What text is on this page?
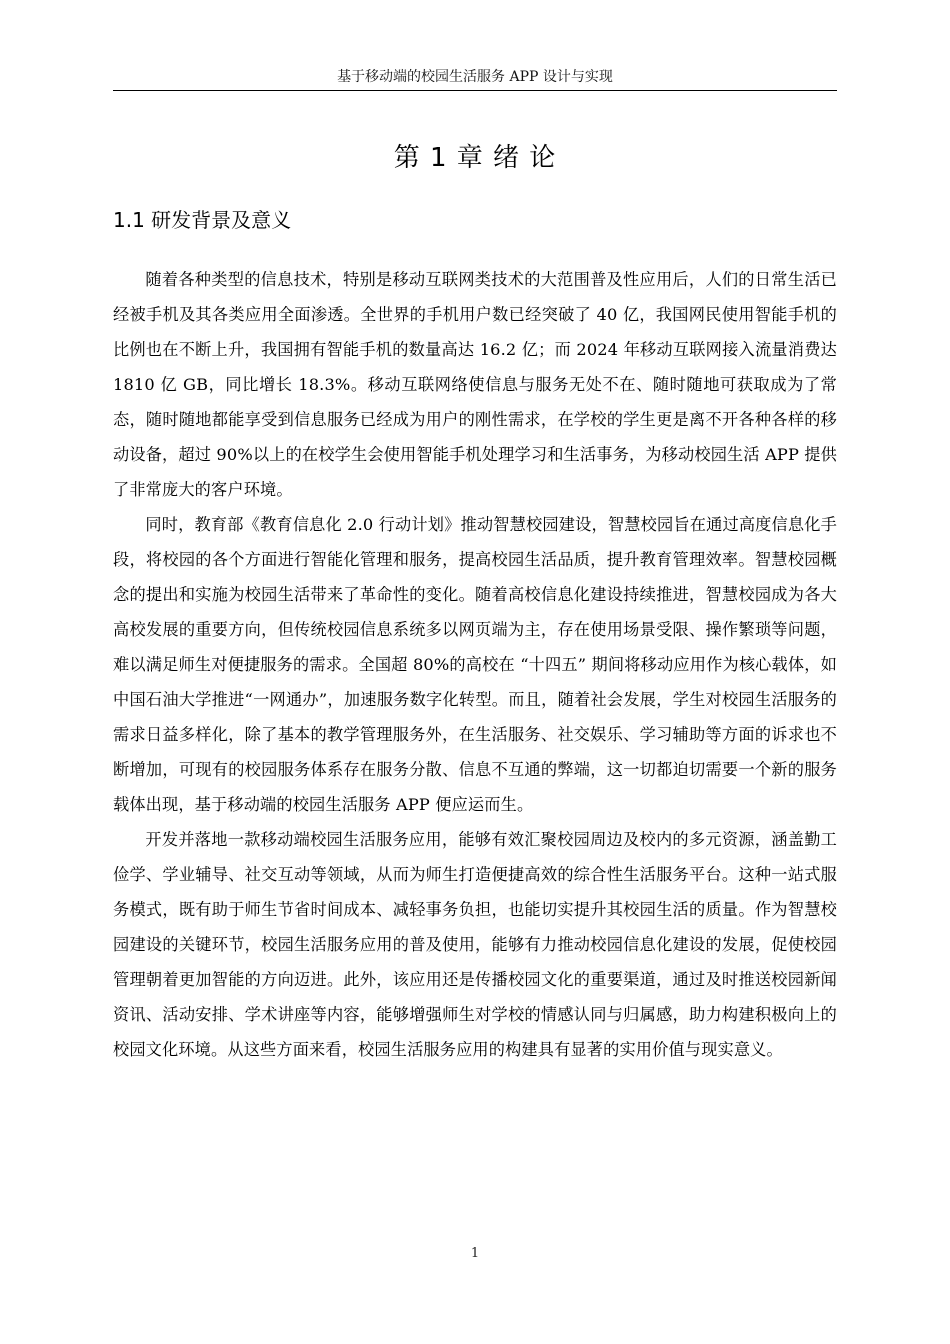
基于移动端的校园生活服务 APP 设计与实现
第 1 章 绪 论
1.1 研发背景及意义

随着各种类型的信息技术，特别是移动互联网类技术的大范围普及性应用后，人们的日常生活已经被手机及其各类应用全面渗透。全世界的手机用户数已经突破了 40 亿，我国网民使用智能手机的比例也在不断上升，我国拥有智能手机的数量高达 16.2 亿；而 2024 年移动互联网接入流量消费达 1810 亿 GB，同比增长 18.3%。移动互联网络使信息与服务无处不在、随时随地可获取成为了常态，随时随地都能享受到信息服务已经成为用户的刚性需求，在学校的学生更是离不开各种各样的移动设备，超过 90%以上的在校学生会使用智能手机处理学习和生活事务，为移动校园生活 APP 提供了非常庞大的客户环境。

同时，教育部《教育信息化 2.0 行动计划》推动智慧校园建设，智慧校园旨在通过高度信息化手段，将校园的各个方面进行智能化管理和服务，提高校园生活品质，提升教育管理效率。智慧校园概念的提出和实施为校园生活带来了革命性的变化。随着高校信息化建设持续推进，智慧校园成为各大高校发展的重要方向，但传统校园信息系统多以网页端为主，存在使用场景受限、操作繁琐等问题，难以满足师生对便捷服务的需求。全国超 80%的高校在 “十四五” 期间将移动应用作为核心载体，如中国石油大学推进“一网通办”，加速服务数字化转型。而且，随着社会发展，学生对校园生活服务的需求日益多样化，除了基本的教学管理服务外，在生活服务、社交娱乐、学习辅助等方面的诉求也不断增加，可现有的校园服务体系存在服务分散、信息不互通的弊端，这一切都迫切需要一个新的服务载体出现，基于移动端的校园生活服务 APP 便应运而生。

开发并落地一款移动端校园生活服务应用，能够有效汇聚校园周边及校内的多元资源，涵盖勤工俭学、学业辅导、社交互动等领域，从而为师生打造便捷高效的综合性生活服务平台。这种一站式服务模式，既有助于师生节省时间成本、减轻事务负担，也能切实提升其校园生活的质量。作为智慧校园建设的关键环节，校园生活服务应用的普及使用，能够有力推动校园信息化建设的发展，促使校园管理朝着更加智能的方向迈进。此外，该应用还是传播校园文化的重要渠道，通过及时推送校园新闻资讯、活动安排、学术讲座等内容，能够增强师生对学校的情感认同与归属感，助力构建积极向上的校园文化环境。从这些方面来看，校园生活服务应用的构建具有显著的实用价值与现实意义。

1
